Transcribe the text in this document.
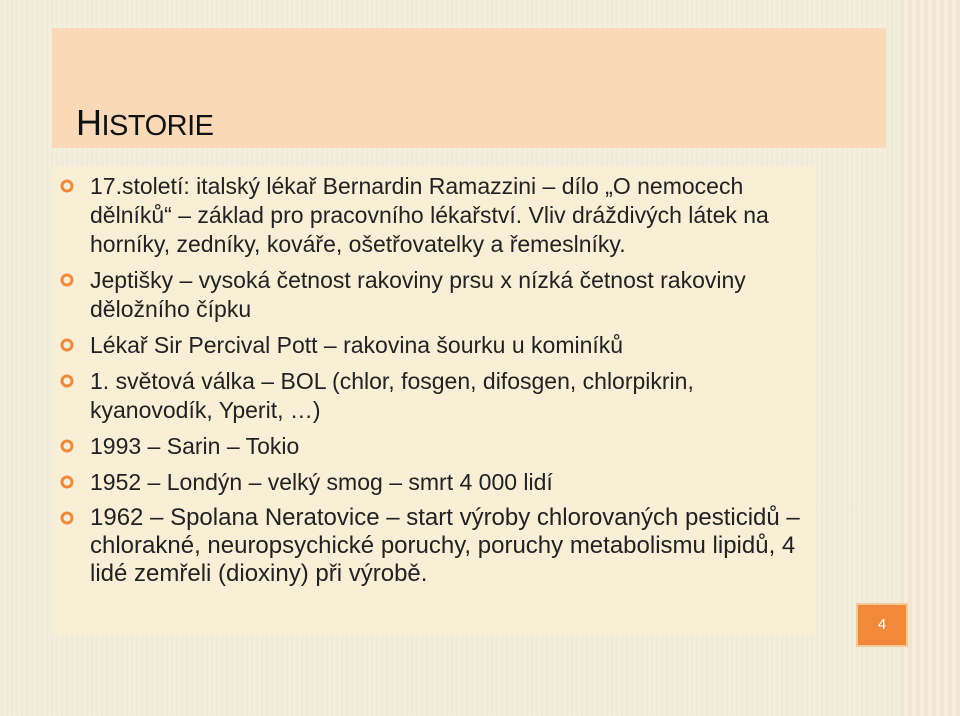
HISTORIE
17.století: italský lékař Bernardin Ramazzini – dílo „O nemocech dělníků“ – základ pro pracovního lékařství. Vliv dráždivých látek na horníky, zedníky, kováře, ošetřovatelky a řemeslníky.
Jeptišky – vysoká četnost rakoviny prsu x nízká četnost rakoviny děložního čípku
Lékař Sir Percival Pott – rakovina šourku u kominíků
1. světová válka – BOL (chlor, fosgen, difosgen, chlorpikrin, kyanovodík, Yperit, …)
1993 – Sarin – Tokio
1952 – Londýn – velký smog – smrt 4 000 lidí
1962 – Spolana Neratovice – start výroby chlorovaných pesticidů – chlorakné, neuropsychické poruchy, poruchy metabolismu lipidů, 4 lidé zemřeli (dioxiny) při výrobě.
4
